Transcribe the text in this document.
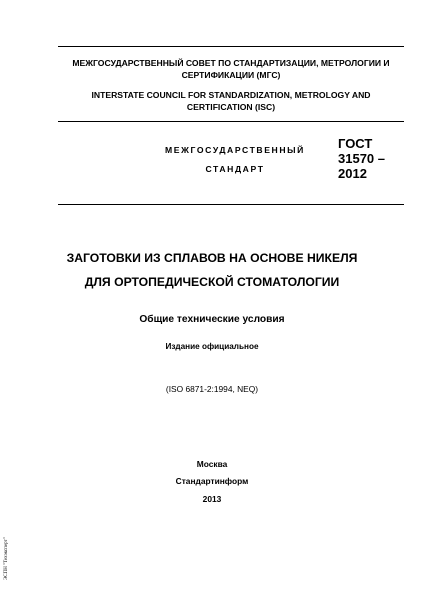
МЕЖГОСУДАРСТВЕННЫЙ СОВЕТ ПО СТАНДАРТИЗАЦИИ, МЕТРОЛОГИИ И
СЕРТИФИКАЦИИ (МГС)
INTERSTATE COUNCIL FOR STANDARDIZATION, METROLOGY AND
CERTIFICATION (ISC)
МЕЖГОСУДАРСТВЕННЫЙ
СТАНДАРТ
ГОСТ
31570 –
2012
ЗАГОТОВКИ ИЗ СПЛАВОВ НА ОСНОВЕ НИКЕЛЯ
ДЛЯ ОРТОПЕДИЧЕСКОЙ СТОМАТОЛОГИИ
Общие технические условия
Издание официальное
(ISO 6871-2:1994, NEQ)
Москва
Стандартинформ
2013
ЭСПН "Техэксперт"
